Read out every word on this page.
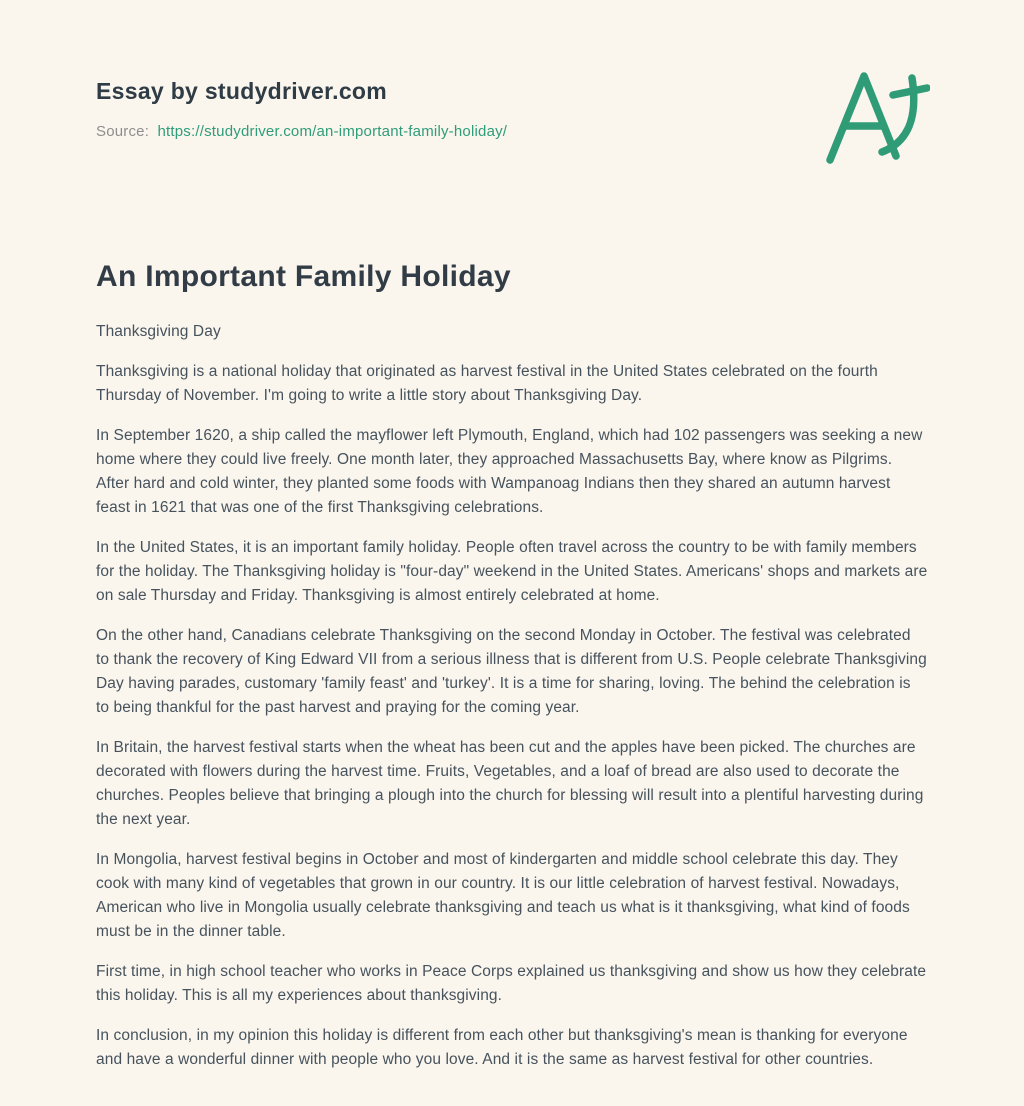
Essay by studydriver.com

Source: https://studydriver.com/an-important-family-holiday/

An Important Family Holiday

Thanksgiving Day

Thanksgiving is a national holiday that originated as harvest festival in the United States celebrated on the fourth Thursday of November. I'm going to write a little story about Thanksgiving Day.

In September 1620, a ship called the mayflower left Plymouth, England, which had 102 passengers was seeking a new home where they could live freely. One month later, they approached Massachusetts Bay, where know as Pilgrims. After hard and cold winter, they planted some foods with Wampanoag Indians then they shared an autumn harvest feast in 1621 that was one of the first Thanksgiving celebrations.

In the United States, it is an important family holiday. People often travel across the country to be with family members for the holiday. The Thanksgiving holiday is "four-day" weekend in the United States. Americans' shops and markets are on sale Thursday and Friday. Thanksgiving is almost entirely celebrated at home.

On the other hand, Canadians celebrate Thanksgiving on the second Monday in October. The festival was celebrated to thank the recovery of King Edward VII from a serious illness that is different from U.S. People celebrate Thanksgiving Day having parades, customary 'family feast' and 'turkey'. It is a time for sharing, loving. The behind the celebration is to being thankful for the past harvest and praying for the coming year.

In Britain, the harvest festival starts when the wheat has been cut and the apples have been picked. The churches are decorated with flowers during the harvest time. Fruits, Vegetables, and a loaf of bread are also used to decorate the churches. Peoples believe that bringing a plough into the church for blessing will result into a plentiful harvesting during the next year.

In Mongolia, harvest festival begins in October and most of kindergarten and middle school celebrate this day. They cook with many kind of vegetables that grown in our country. It is our little celebration of harvest festival. Nowadays, American who live in Mongolia usually celebrate thanksgiving and teach us what is it thanksgiving, what kind of foods must be in the dinner table.

First time, in high school teacher who works in Peace Corps explained us thanksgiving and show us how they celebrate this holiday. This is all my experiences about thanksgiving.

In conclusion, in my opinion this holiday is different from each other but thanksgiving's mean is thanking for everyone and have a wonderful dinner with people who you love. And it is the same as harvest festival for other countries.
